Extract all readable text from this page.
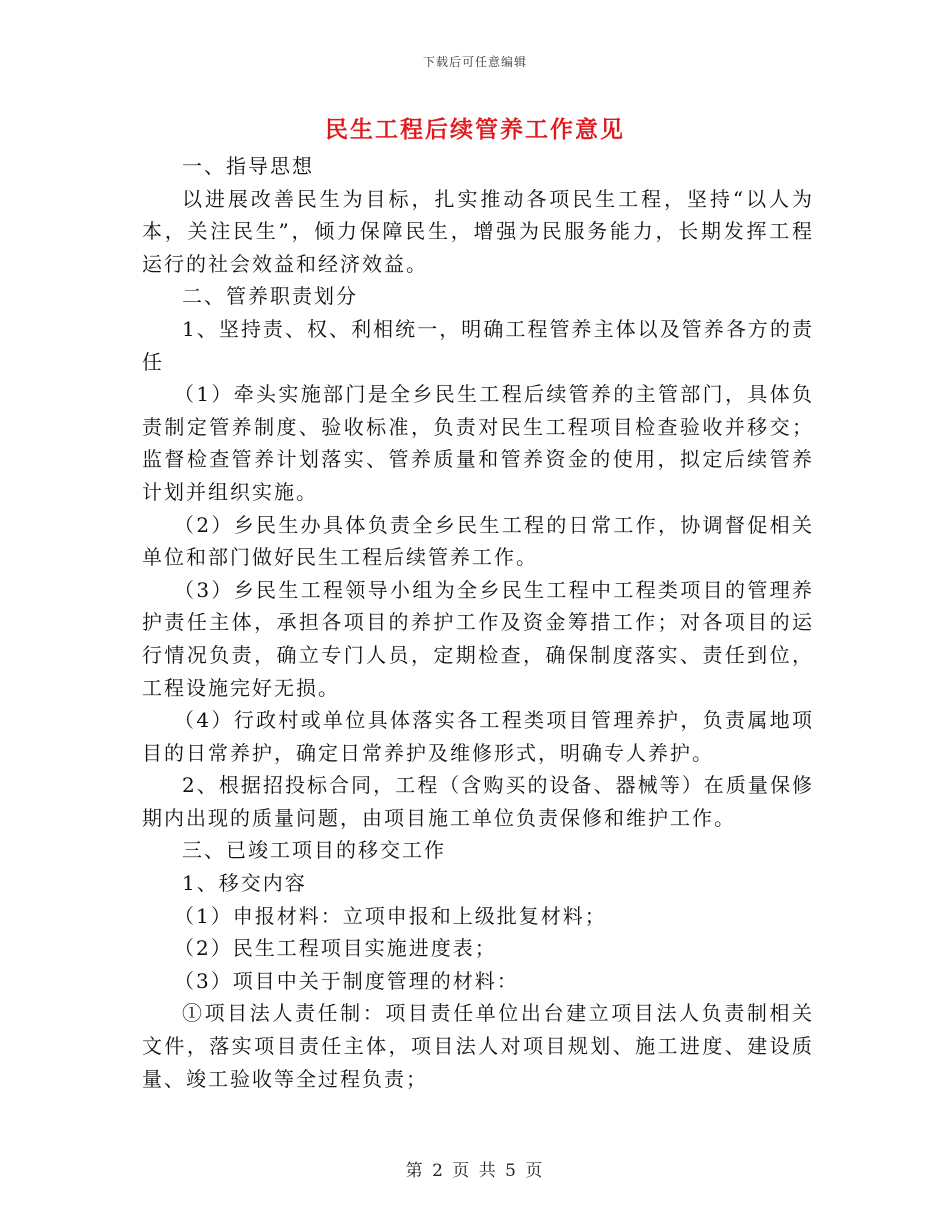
下载后可任意编辑
民生工程后续管养工作意见

一、指导思想

以进展改善民生为目标，扎实推动各项民生工程，坚持“以人为本，关注民生”，倾力保障民生，增强为民服务能力，长期发挥工程运行的社会效益和经济效益。

二、管养职责划分

1、坚持责、权、利相统一，明确工程管养主体以及管养各方的责任

（1）牵头实施部门是全乡民生工程后续管养的主管部门，具体负责制定管养制度、验收标准，负责对民生工程项目检查验收并移交；监督检查管养计划落实、管养质量和管养资金的使用，拟定后续管养计划并组织实施。

（2）乡民生办具体负责全乡民生工程的日常工作，协调督促相关单位和部门做好民生工程后续管养工作。

（3）乡民生工程领导小组为全乡民生工程中工程类项目的管理养护责任主体，承担各项目的养护工作及资金筹措工作；对各项目的运行情况负责，确立专门人员，定期检查，确保制度落实、责任到位，工程设施完好无损。

（4）行政村或单位具体落实各工程类项目管理养护，负责属地项目的日常养护，确定日常养护及维修形式，明确专人养护。

2、根据招投标合同，工程（含购买的设备、器械等）在质量保修期内出现的质量问题，由项目施工单位负责保修和维护工作。

三、已竣工项目的移交工作

1、移交内容

（1）申报材料：立项申报和上级批复材料；

（2）民生工程项目实施进度表；

（3）项目中关于制度管理的材料：

①项目法人责任制：项目责任单位出台建立项目法人负责制相关文件，落实项目责任主体，项目法人对项目规划、施工进度、建设质量、竣工验收等全过程负责；

第 2 页 共 5 页
